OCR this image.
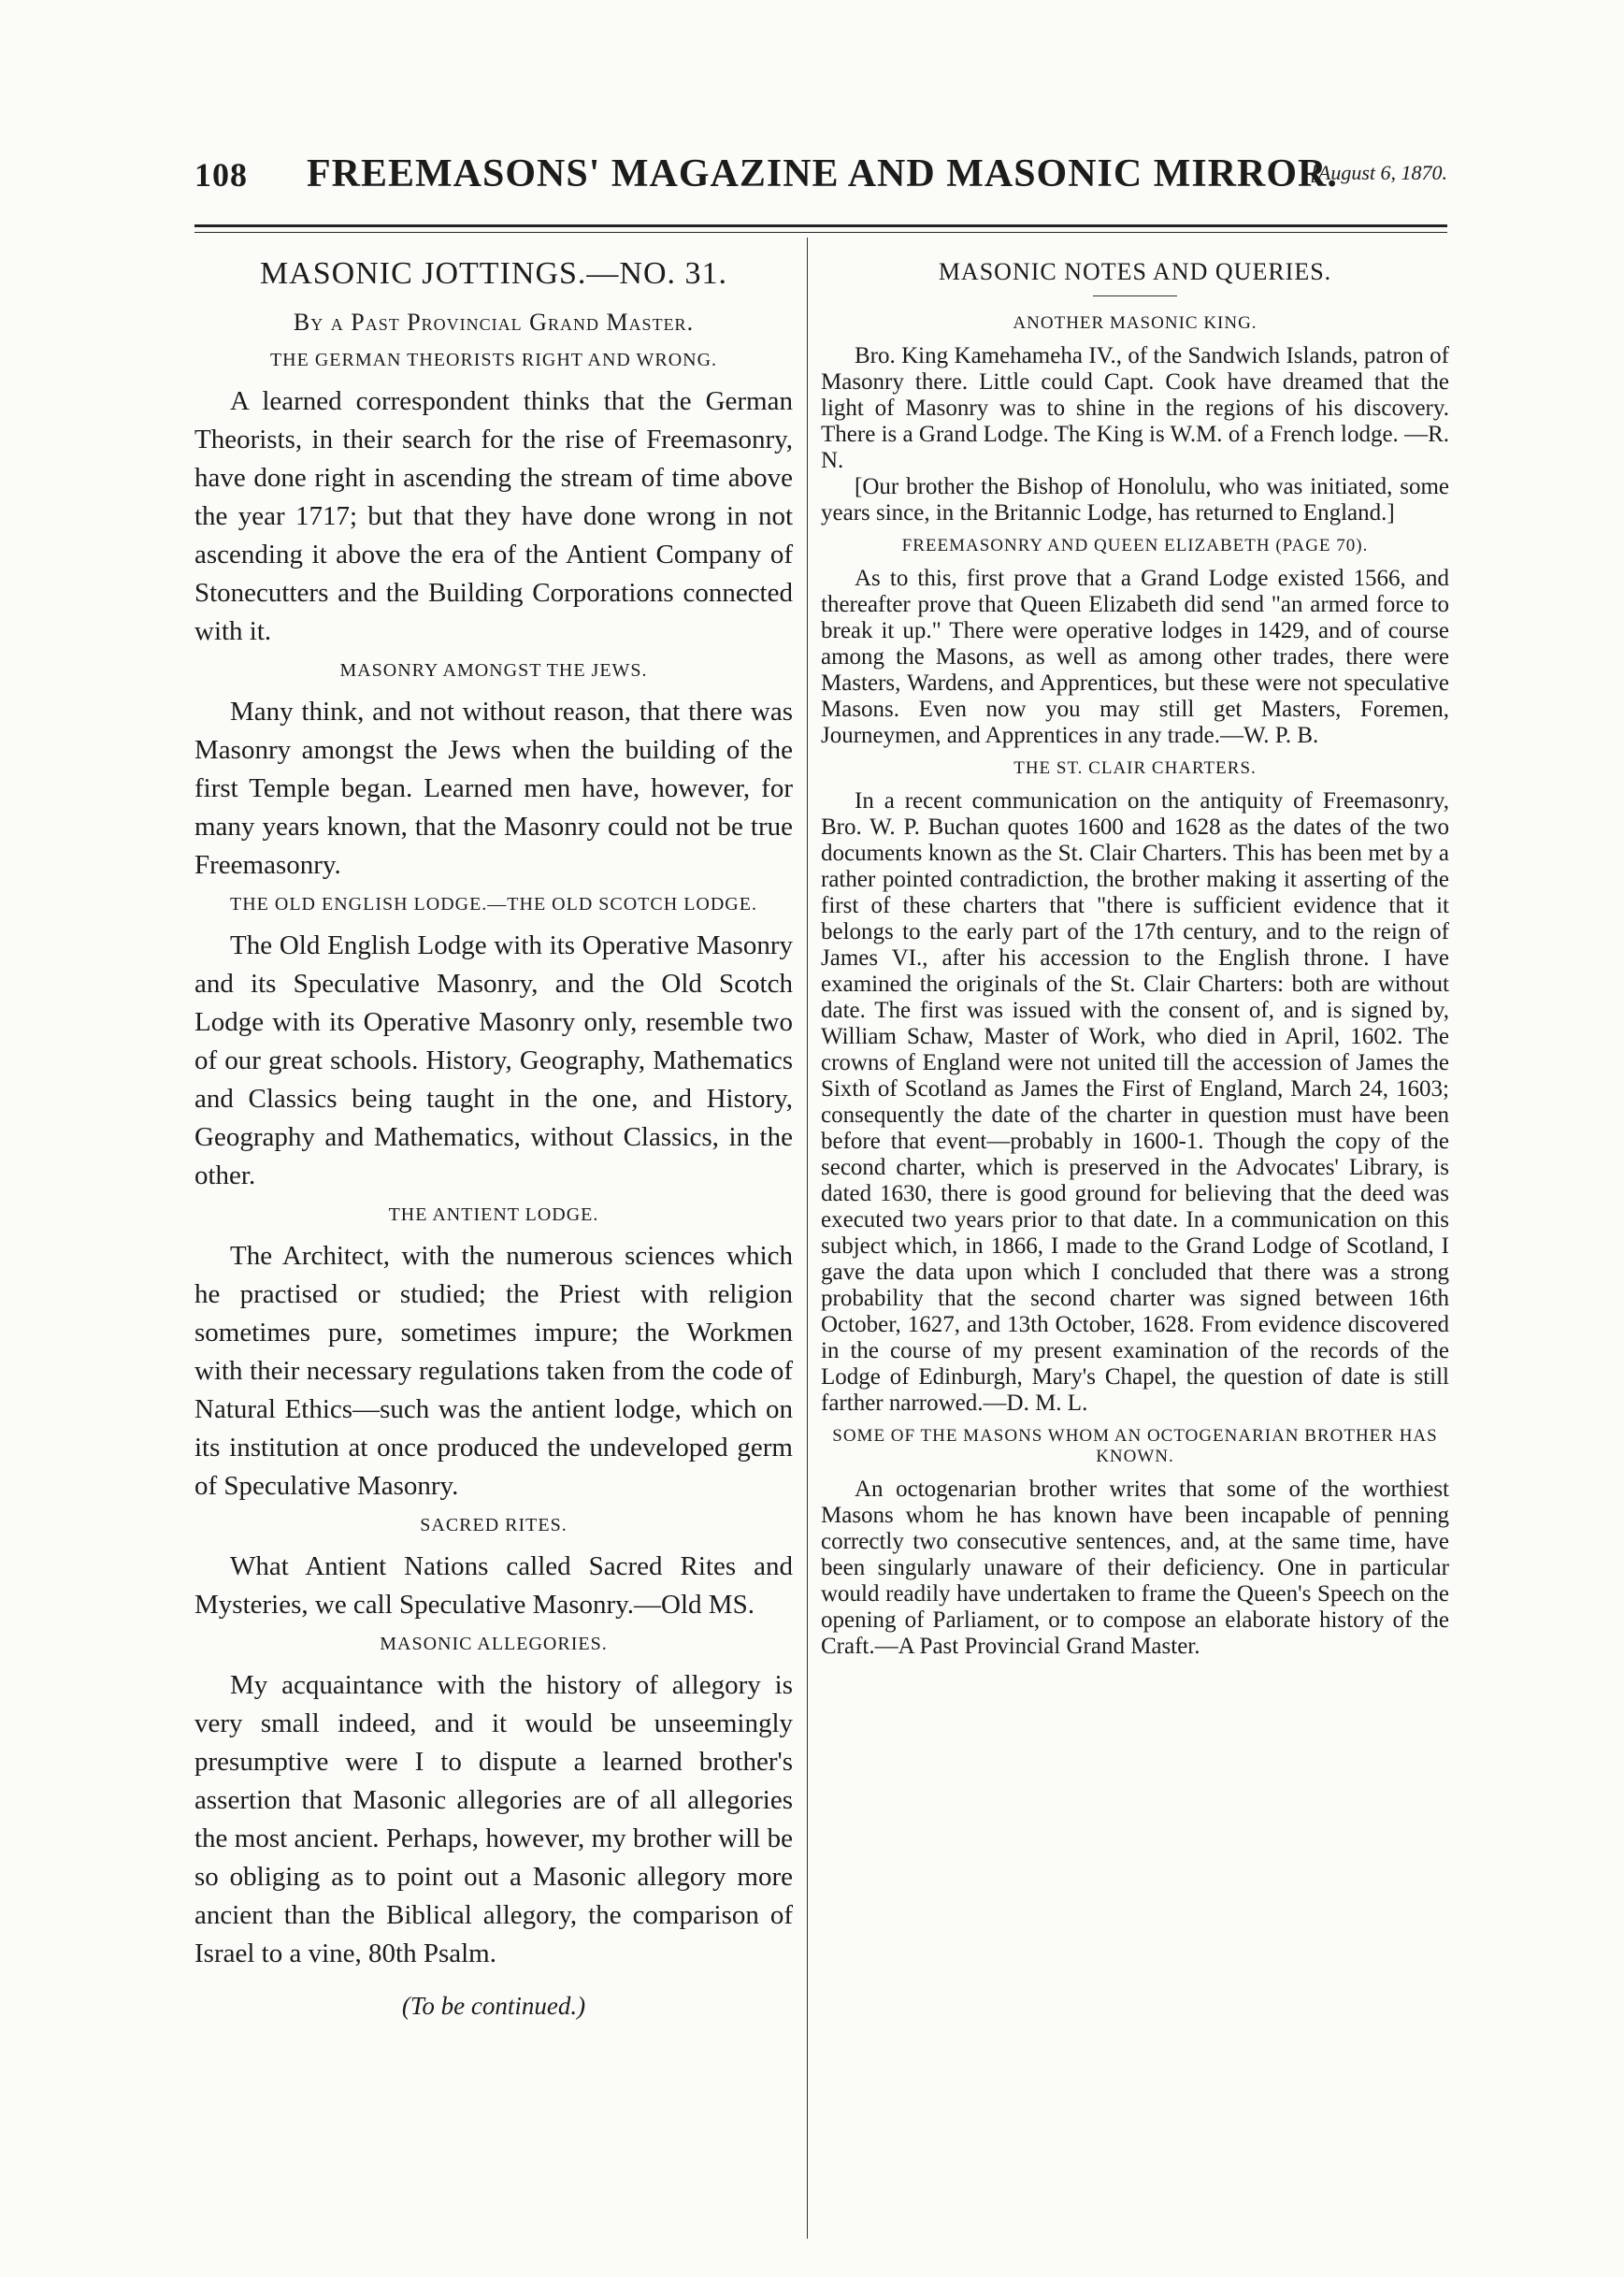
108 FREEMASONS' MAGAZINE AND MASONIC MIRROR.
[August 6, 1870.
MASONIC JOTTINGS.—NO. 31.
By a Past Provincial Grand Master.
THE GERMAN THEORISTS RIGHT AND WRONG.

A learned correspondent thinks that the German Theorists, in their search for the rise of Freemasonry, have done right in ascending the stream of time above the year 1717; but that they have done wrong in not ascending it above the era of the Antient Company of Stonecutters and the Building Corporations connected with it.

MASONRY AMONGST THE JEWS.

Many think, and not without reason, that there was Masonry amongst the Jews when the building of the first Temple began. Learned men have, however, for many years known, that the Masonry could not be true Freemasonry.

THE OLD ENGLISH LODGE.—THE OLD SCOTCH LODGE.

The Old English Lodge with its Operative Masonry and its Speculative Masonry, and the Old Scotch Lodge with its Operative Masonry only, resemble two of our great schools. History, Geography, Mathematics and Classics being taught in the one, and History, Geography and Mathematics, without Classics, in the other.

THE ANTIENT LODGE.

The Architect, with the numerous sciences which he practised or studied; the Priest with religion sometimes pure, sometimes impure; the Workmen with their necessary regulations taken from the code of Natural Ethics—such was the antient lodge, which on its institution at once produced the undeveloped germ of Speculative Masonry.

SACRED RITES.

What Antient Nations called Sacred Rites and Mysteries, we call Speculative Masonry.—Old MS.

MASONIC ALLEGORIES.

My acquaintance with the history of allegory is very small indeed, and it would be unseemingly presumptive were I to dispute a learned brother's assertion that Masonic allegories are of all allegories the most ancient. Perhaps, however, my brother will be so obliging as to point out a Masonic allegory more ancient than the Biblical allegory, the comparison of Israel to a vine, 80th Psalm.

(To be continued.)
MASONIC NOTES AND QUERIES.
ANOTHER MASONIC KING.

Bro. King Kamehameha IV., of the Sandwich Islands, patron of Masonry there. Little could Capt. Cook have dreamed that the light of Masonry was to shine in the regions of his discovery. There is a Grand Lodge. The King is W.M. of a French lodge. —R. N.

[Our brother the Bishop of Honolulu, who was initiated, some years since, in the Britannic Lodge, has returned to England.]

FREEMASONRY AND QUEEN ELIZABETH (PAGE 70).

As to this, first prove that a Grand Lodge existed 1566, and thereafter prove that Queen Elizabeth did send "an armed force to break it up." There were operative lodges in 1429, and of course among the Masons, as well as among other trades, there were Masters, Wardens, and Apprentices, but these were not speculative Masons. Even now you may still get Masters, Foremen, Journeymen, and Apprentices in any trade.—W. P. B.

THE ST. CLAIR CHARTERS.

In a recent communication on the antiquity of Freemasonry, Bro. W. P. Buchan quotes 1600 and 1628 as the dates of the two documents known as the St. Clair Charters. This has been met by a rather pointed contradiction, the brother making it asserting of the first of these charters that "there is sufficient evidence that it belongs to the early part of the 17th century, and to the reign of James VI., after his accession to the English throne. I have examined the originals of the St. Clair Charters: both are without date. The first was issued with the consent of, and is signed by, William Schaw, Master of Work, who died in April, 1602. The crowns of England were not united till the accession of James the Sixth of Scotland as James the First of England, March 24, 1603; consequently the date of the charter in question must have been before that event—probably in 1600-1. Though the copy of the second charter, which is preserved in the Advocates' Library, is dated 1630, there is good ground for believing that the deed was executed two years prior to that date. In a communication on this subject which, in 1866, I made to the Grand Lodge of Scotland, I gave the data upon which I concluded that there was a strong probability that the second charter was signed between 16th October, 1627, and 13th October, 1628. From evidence discovered in the course of my present examination of the records of the Lodge of Edinburgh, Mary's Chapel, the question of date is still farther narrowed.—D. M. L.

SOME OF THE MASONS WHOM AN OCTOGENARIAN BROTHER HAS KNOWN.

An octogenarian brother writes that some of the worthiest Masons whom he has known have been incapable of penning correctly two consecutive sentences, and, at the same time, have been singularly unaware of their deficiency. One in particular would readily have undertaken to frame the Queen's Speech on the opening of Parliament, or to compose an elaborate history of the Craft.—A Past Provincial Grand Master.
